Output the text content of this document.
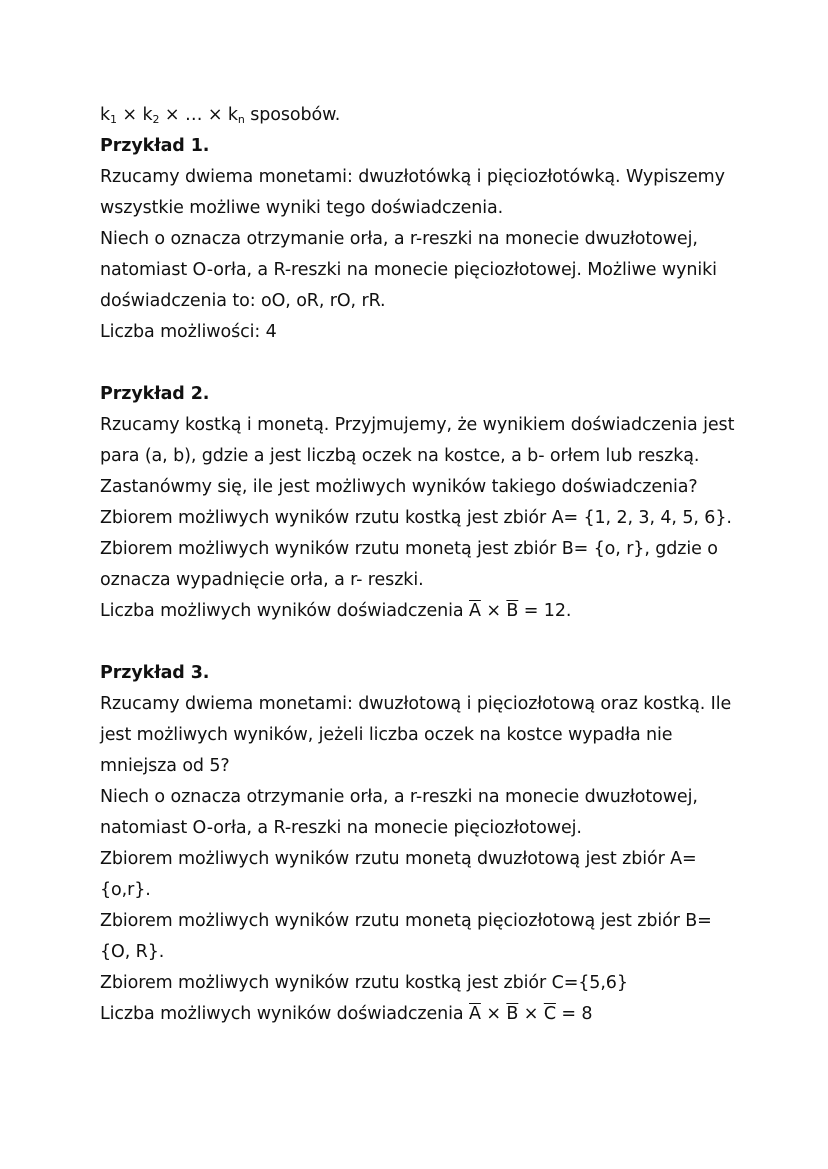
$k_1 \times k_2$ × … × $k_n$ sposobów.
Przykład 1.
Rzucamy dwiema monetami: dwuzłotówką i pięciozłotówką. Wypiszemy
wszystkie możliwe wyniki tego doświadczenia.
Niech o oznacza otrzymanie orła, a r-reszki na monecie dwuzłotowej,
natomiast O-orła, a R-reszki na monecie pięciozłotowej. Możliwe wyniki
doświadczenia to: oO, oR, rO, rR.
Liczba możliwości: 4
Przykład 2.
Rzucamy kostką i monetą. Przyjmujemy, że wynikiem doświadczenia jest
para (a, b), gdzie a jest liczbą oczek na kostce, a b- orłem lub reszką.
Zastanówmy się, ile jest możliwych wyników takiego doświadczenia?
Zbiorem możliwych wyników rzutu kostką jest zbiór A= {1, 2, 3, 4, 5, 6}.
Zbiorem możliwych wyników rzutu monetą jest zbiór B= {o, r}, gdzie o
oznacza wypadnięcie orła, a r- reszki.
Liczba możliwych wyników doświadczenia $\overline{A} \times \overline{B} = 12$.
Przykład 3.
Rzucamy dwiema monetami: dwuzłotową i pięciozłotową oraz kostką. Ile
jest możliwych wyników, jeżeli liczba oczek na kostce wypadła nie
mniejsza od 5?
Niech o oznacza otrzymanie orła, a r-reszki na monecie dwuzłotowej,
natomiast O-orła, a R-reszki na monecie pięciozłotowej.
Zbiorem możliwych wyników rzutu monetą dwuzłotową jest zbiór A=
{o,r}.
Zbiorem możliwych wyników rzutu monetą pięciozłotową jest zbiór B=
{O, R}.
Zbiorem możliwych wyników rzutu kostką jest zbiór C={5,6}
Liczba możliwych wyników doświadczenia $\overline{A} \times \overline{B} \times \overline{C} = 8$
